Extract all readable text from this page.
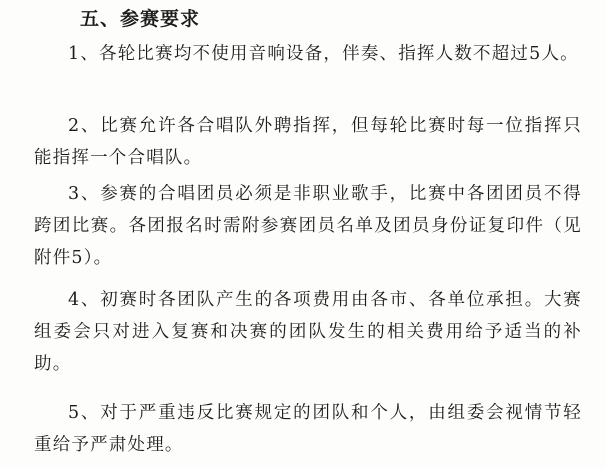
五、参赛要求

1、各轮比赛均不使用音响设备，伴奏、指挥人数不超过5人。

2、比赛允许各合唱队外聘指挥，但每轮比赛时每一位指挥只能指挥一个合唱队。

3、参赛的合唱团员必须是非职业歌手，比赛中各团团员不得跨团比赛。各团报名时需附参赛团员名单及团员身份证复印件（见附件5）。

4、初赛时各团队产生的各项费用由各市、各单位承担。大赛组委会只对进入复赛和决赛的团队发生的相关费用给予适当的补助。

5、对于严重违反比赛规定的团队和个人，由组委会视情节轻重给予严肃处理。
